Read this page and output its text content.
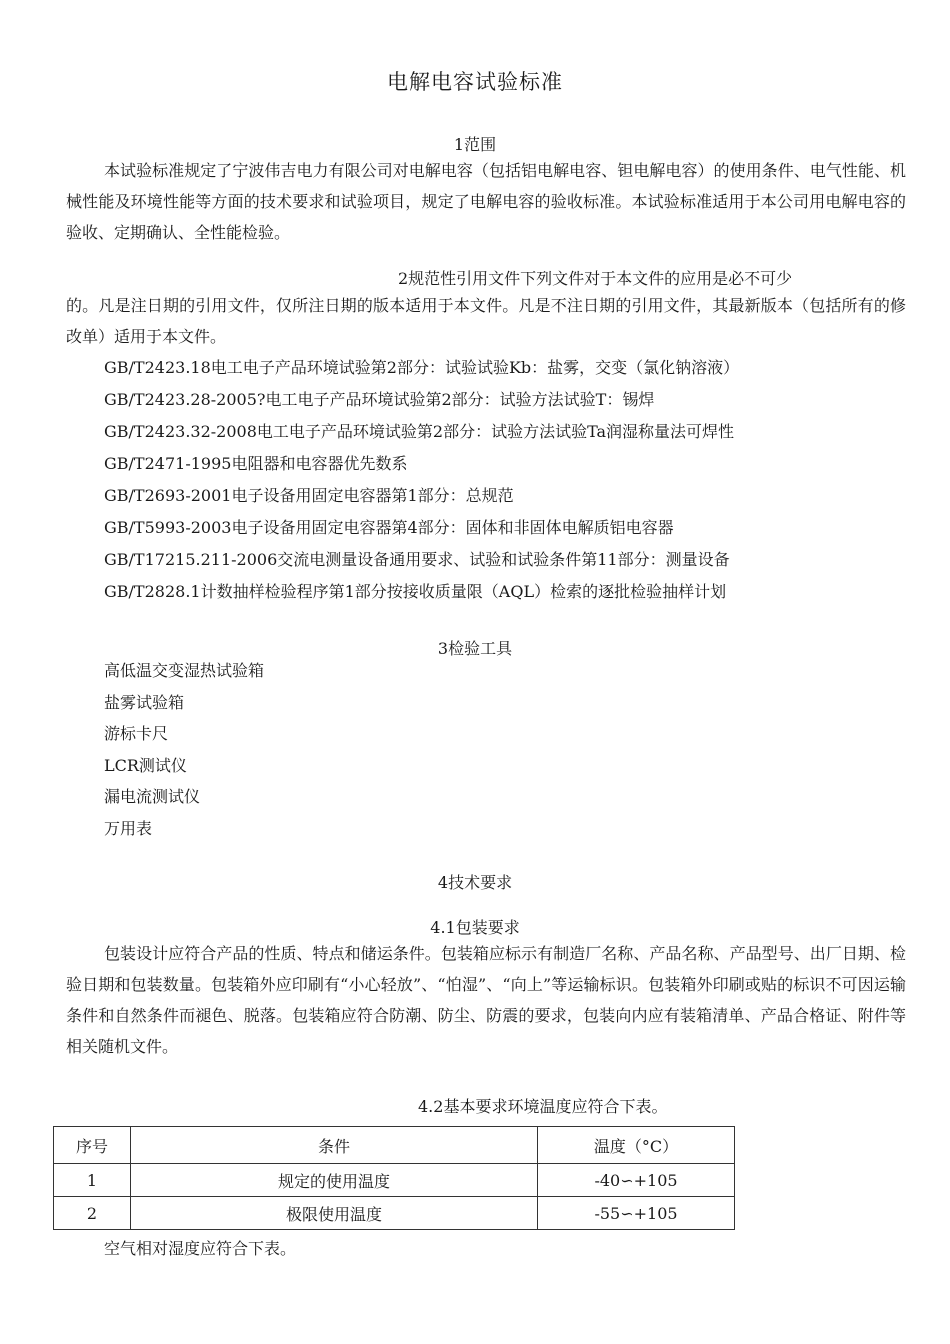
电解电容试验标准
1范围

本试验标准规定了宁波伟吉电力有限公司对电解电容（包括铝电解电容、钽电解电容）的使用条件、电气性能、机械性能及环境性能等方面的技术要求和试验项目，规定了电解电容的验收标准。本试验标准适用于本公司用电解电容的验收、定期确认、全性能检验。

2规范性引用文件下列文件对于本文件的应用是必不可少

的。凡是注日期的引用文件，仅所注日期的版本适用于本文件。凡是不注日期的引用文件，其最新版本（包括所有的修改单）适用于本文件。

GB/T2423.18电工电子产品环境试验第2部分：试验试验Kb：盐雾，交变（氯化钠溶液）
GB/T2423.28-2005?电工电子产品环境试验第2部分：试验方法试验T：锡焊
GB/T2423.32-2008电工电子产品环境试验第2部分：试验方法试验Ta润湿称量法可焊性
GB/T2471-1995电阻器和电容器优先数系
GB/T2693-2001电子设备用固定电容器第1部分：总规范
GB/T5993-2003电子设备用固定电容器第4部分：固体和非固体电解质铝电容器
GB/T17215.211-2006交流电测量设备通用要求、试验和试验条件第11部分：测量设备
GB/T2828.1计数抽样检验程序第1部分按接收质量限（AQL）检索的逐批检验抽样计划
3检验工具
高低温交变湿热试验箱
盐雾试验箱
游标卡尺
LCR测试仪
漏电流测试仪
万用表
4技术要求
4.1包装要求

包装设计应符合产品的性质、特点和储运条件。包装箱应标示有制造厂名称、产品名称、产品型号、出厂日期、检验日期和包装数量。包装箱外应印刷有“小心轻放”、“怕湿”、“向上”等运输标识。包装箱外印刷或贴的标识不可因运输条件和自然条件而褪色、脱落。包装箱应符合防潮、防尘、防震的要求，包装向内应有装箱清单、产品合格证、附件等相关随机文件。

4.2基本要求环境温度应符合下表。
序号	条件	温度（°C）
1	规定的使用温度	-40∽+105
2	极限使用温度	-55∽+105
空气相对湿度应符合下表。
